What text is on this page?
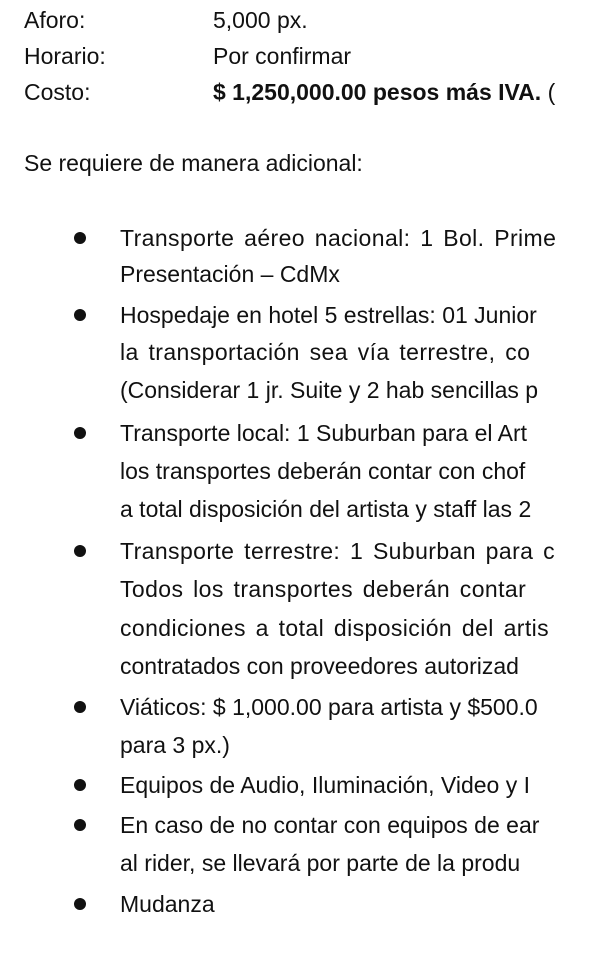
Aforo:	5,000 px.
Horario:	Por confirmar
Costo:	$ 1,250,000.00 pesos más IVA. (
Se requiere de manera adicional:
Transporte aéreo nacional: 1 Bol. Prime
Presentación – CdMx
Hospedaje en hotel 5 estrellas: 01 Junior
la transportación sea vía terrestre, co
(Considerar 1 jr. Suite y 2 hab sencillas p
Transporte local: 1 Suburban para el Art
los transportes deberán contar con chof
a total disposición del artista y staff las 2
Transporte terrestre: 1 Suburban para c
Todos los transportes deberán contar
condiciones a total disposición del artis
contratados con proveedores autorizad
Viáticos: $ 1,000.00 para artista y $500.0
para 3 px.)
Equipos de Audio, Iluminación, Video y I
En caso de no contar con equipos de ear
al rider, se llevará por parte de la produ
Mudanza
